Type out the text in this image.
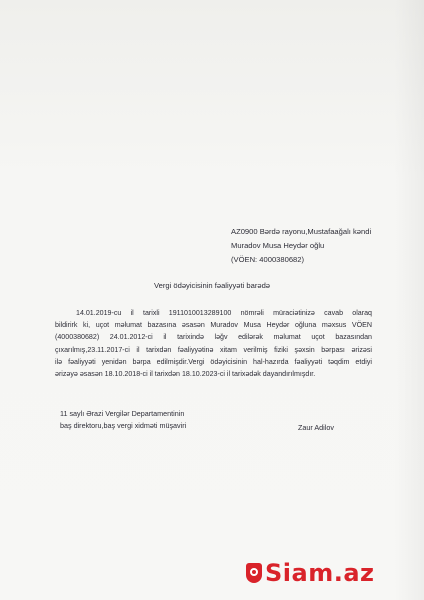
AZ0900 Bərdə rayonu,Mustafaağalı kəndi
Muradov Musa Heydər oğlu
(VÖEN: 4000380682)
Vergi ödəyicisinin fəaliyyəti barədə
14.01.2019-cu il tarixli 1911010013289100 nömrəli müraciətinizə cavab olaraq
bildirirk ki, uçot məlumat bazasına əsasən Muradov Musa Heydər oğluna məxsus VÖEN
(4000380682) 24.01.2012-ci il tarixində ləğv edilərək məlumat uçot bazasından
çıxarılmış,23.11.2017-ci il tarixdən fəaliyyətinə xitam verilmiş fiziki şəxsin bərpası ərizəsi
ilə fəaliyyəti yenidən bərpa edilmişdir.Vergi ödəyicisinin hal-hazırda fəaliyyəti təqdim etdiyi
ərizəyə əsasən 18.10.2018-ci il tarixdən 18.10.2023-ci il tarixədək dayandırılmışdır.
11 saylı Ərazi Vergilər Departamentinin
baş direktoru,baş vergi xidməti müşaviri	Zaur Adilov
Siam.az
